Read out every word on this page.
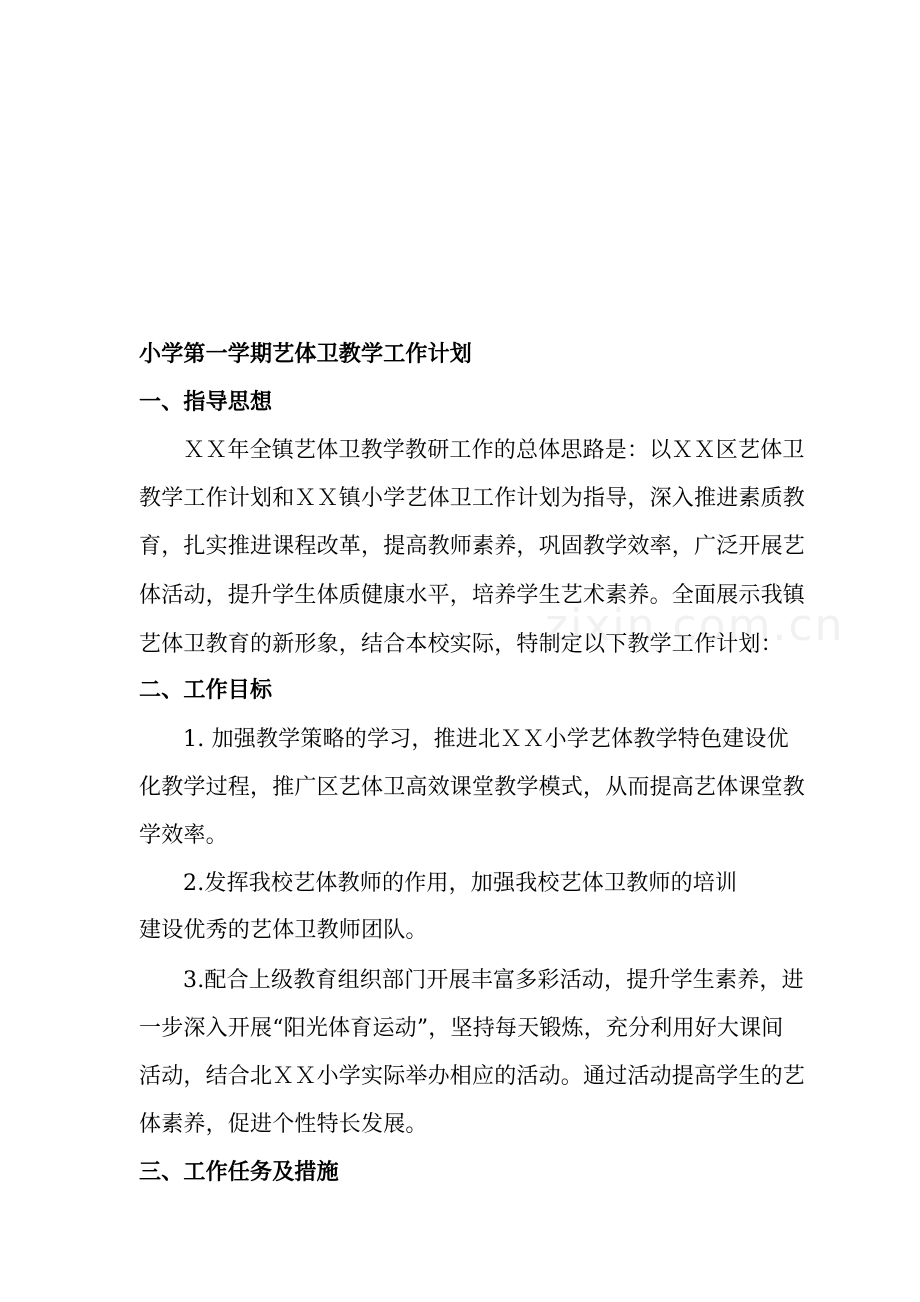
zixin.com.cn
小学第一学期艺体卫教学工作计划
一、指导思想
ＸＸ年全镇艺体卫教学教研工作的总体思路是：以ＸＸ区艺体卫
教学工作计划和ＸＸ镇小学艺体卫工作计划为指导，深入推进素质教
育，扎实推进课程改革，提高教师素养，巩固教学效率，广泛开展艺
体活动，提升学生体质健康水平，培养学生艺术素养。全面展示我镇
艺体卫教育的新形象，结合本校实际，特制定以下教学工作计划：
二、工作目标
1. 加强教学策略的学习，推进北ＸＸ小学艺体教学特色建设优
化教学过程，推广区艺体卫高效课堂教学模式，从而提高艺体课堂教
学效率。
2.发挥我校艺体教师的作用，加强我校艺体卫教师的培训
建设优秀的艺体卫教师团队。
3.配合上级教育组织部门开展丰富多彩活动，提升学生素养，进
一步深入开展“阳光体育运动”，坚持每天锻炼，充分利用好大课间
活动，结合北ＸＸ小学实际举办相应的活动。通过活动提高学生的艺
体素养，促进个性特长发展。
三、工作任务及措施
